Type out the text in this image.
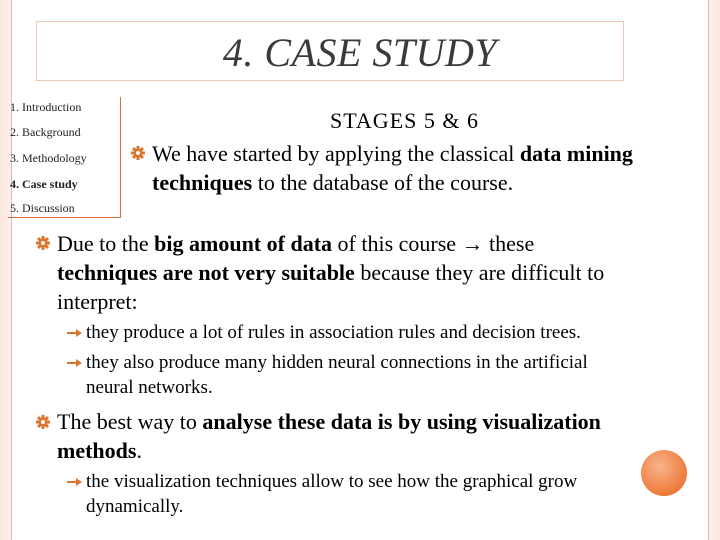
4. CASE STUDY
1. Introduction
2. Background
3. Methodology
4. Case study
5. Discussion
STAGES 5 & 6
We have started by applying the classical data mining
techniques to the database of the course.
Due to the big amount of data of this course → these
techniques are not very suitable because they are difficult to
interpret:
they produce a lot of rules in association rules and decision trees.
they also produce many hidden neural connections in the artificial
neural networks.
The best way to analyse these data is by using visualization
methods.
the visualization techniques allow to see how the graphical grow
dynamically.
